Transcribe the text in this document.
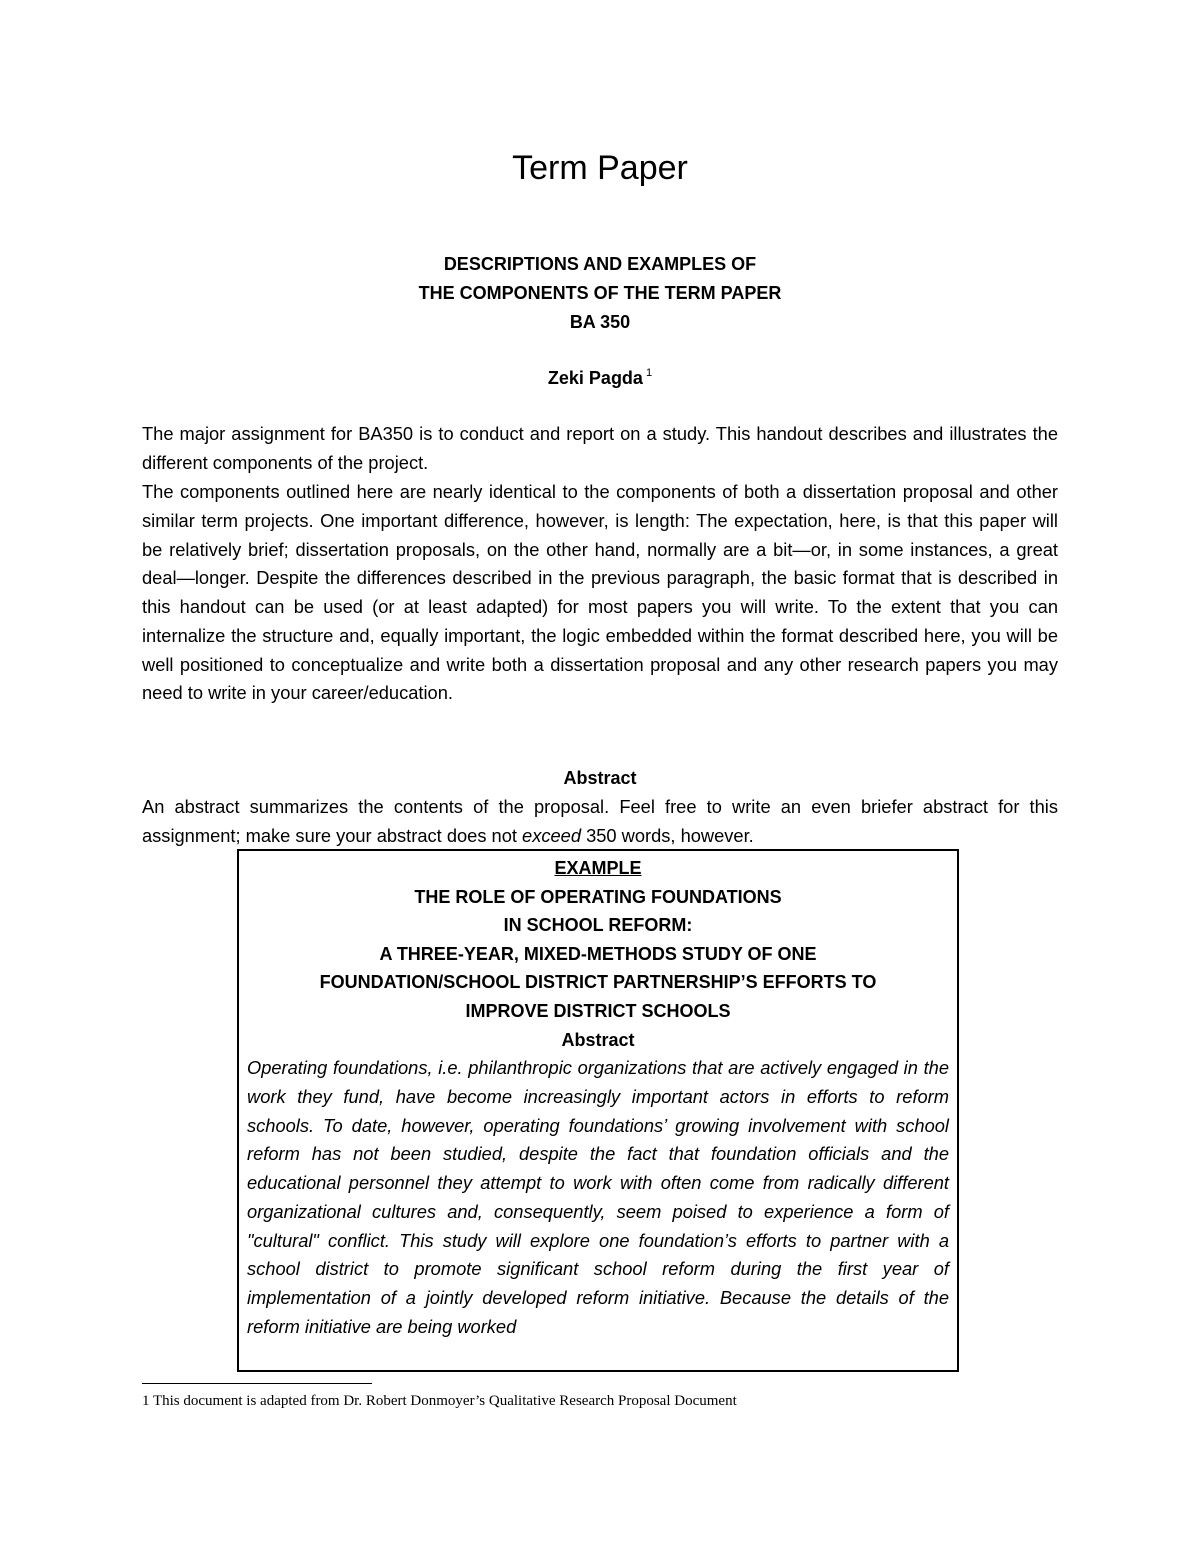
Term Paper
DESCRIPTIONS AND EXAMPLES OF
THE COMPONENTS OF THE TERM PAPER
BA 350
Zeki Pagda $^1$

The major assignment for BA350 is to conduct and report on a study. This handout describes and illustrates the different components of the project.

The components outlined here are nearly identical to the components of both a dissertation proposal and other similar term projects. One important difference, however, is length: The expectation, here, is that this paper will be relatively brief; dissertation proposals, on the other hand, normally are a bit—or, in some instances, a great deal—longer. Despite the differences described in the previous paragraph, the basic format that is described in this handout can be used (or at least adapted) for most papers you will write. To the extent that you can internalize the structure and, equally important, the logic embedded within the format described here, you will be well positioned to conceptualize and write both a dissertation proposal and any other research papers you may need to write in your career/education.

Abstract

An abstract summarizes the contents of the proposal. Feel free to write an even briefer abstract for this assignment; make sure your abstract does not exceed 350 words, however.

EXAMPLE
THE ROLE OF OPERATING FOUNDATIONS
IN SCHOOL REFORM:
A THREE-YEAR, MIXED-METHODS STUDY OF ONE
FOUNDATION/SCHOOL DISTRICT PARTNERSHIP’S EFFORTS TO
IMPROVE DISTRICT SCHOOLS
Abstract

Operating foundations, i.e. philanthropic organizations that are actively engaged in the work they fund, have become increasingly important actors in efforts to reform schools. To date, however, operating foundations’ growing involvement with school reform has not been studied, despite the fact that foundation officials and the educational personnel they attempt to work with often come from radically different organizational cultures and, consequently, seem poised to experience a form of "cultural" conflict. This study will explore one foundation’s efforts to partner with a school district to promote significant school reform during the first year of implementation of a jointly developed reform initiative. Because the details of the reform initiative are being worked

1 This document is adapted from Dr. Robert Donmoyer’s Qualitative Research Proposal Document
